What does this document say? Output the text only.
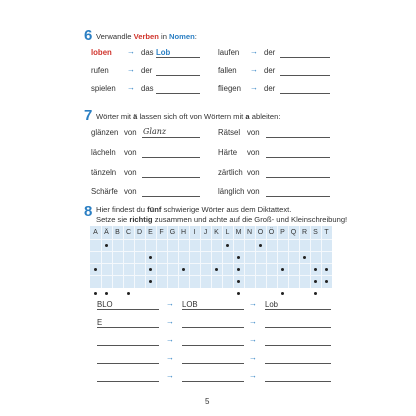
6 Verwandle Verben in Nomen:
loben → das Lob	laufen → der
rufen → der	fallen → der
spielen → das	fliegen → der
7 Wörter mit ä lassen sich oft von Wörtern mit a ableiten:
glänzen von Glanz	Rätsel von
lächeln von	Härte von
tänzeln von	zärtlich von
Schärfe von	länglich von
8 Hier findest du fünf schwierige Wörter aus dem Diktattext.
Setze sie richtig zusammen und achte auf die Groß- und Kleinschreibung!
A Ä B C D E F G H	I	J K L M N O Ö P Q R S T
BLO	→ LOB	→ Lob
E	→	→
→	→
→	→
→	→
5
